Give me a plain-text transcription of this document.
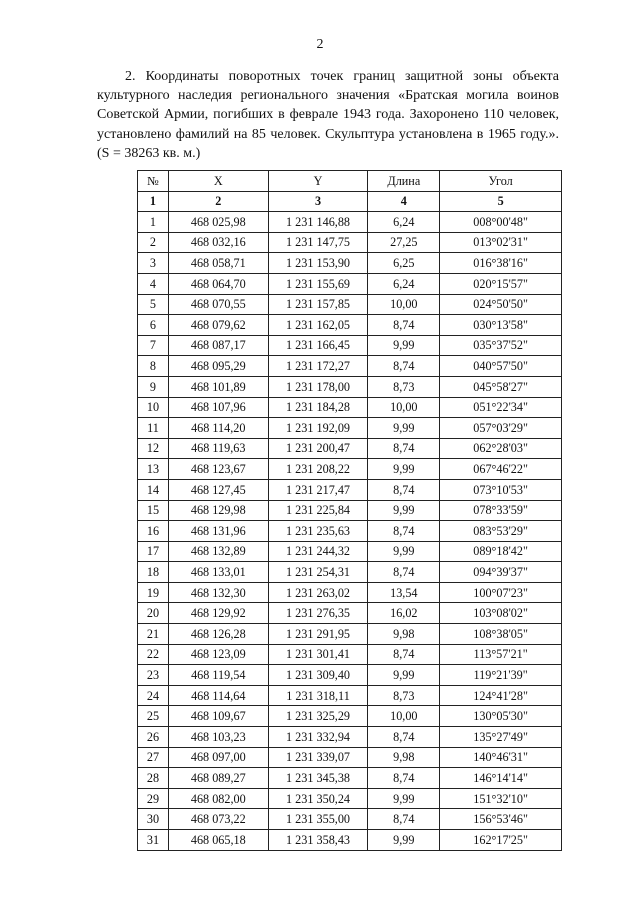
2

2. Координаты поворотных точек границ защитной зоны объекта культурного наследия регионального значения «Братская могила воинов Советской Армии, погибших в феврале 1943 года. Захоронено 110 человек, установлено фамилий на 85 человек. Скульптура установлена в 1965 году.». (S = 38263 кв. м.)

№	X	Y	Длина	Угол
1	2	3	4	5
1	468 025,98	1 231 146,88	6,24	008°00'48"
2	468 032,16	1 231 147,75	27,25	013°02'31"
3	468 058,71	1 231 153,90	6,25	016°38'16"
4	468 064,70	1 231 155,69	6,24	020°15'57"
5	468 070,55	1 231 157,85	10,00	024°50'50"
6	468 079,62	1 231 162,05	8,74	030°13'58"
7	468 087,17	1 231 166,45	9,99	035°37'52"
8	468 095,29	1 231 172,27	8,74	040°57'50"
9	468 101,89	1 231 178,00	8,73	045°58'27"
10	468 107,96	1 231 184,28	10,00	051°22'34"
11	468 114,20	1 231 192,09	9,99	057°03'29"
12	468 119,63	1 231 200,47	8,74	062°28'03"
13	468 123,67	1 231 208,22	9,99	067°46'22"
14	468 127,45	1 231 217,47	8,74	073°10'53"
15	468 129,98	1 231 225,84	9,99	078°33'59"
16	468 131,96	1 231 235,63	8,74	083°53'29"
17	468 132,89	1 231 244,32	9,99	089°18'42"
18	468 133,01	1 231 254,31	8,74	094°39'37"
19	468 132,30	1 231 263,02	13,54	100°07'23"
20	468 129,92	1 231 276,35	16,02	103°08'02"
21	468 126,28	1 231 291,95	9,98	108°38'05"
22	468 123,09	1 231 301,41	8,74	113°57'21"
23	468 119,54	1 231 309,40	9,99	119°21'39"
24	468 114,64	1 231 318,11	8,73	124°41'28"
25	468 109,67	1 231 325,29	10,00	130°05'30"
26	468 103,23	1 231 332,94	8,74	135°27'49"
27	468 097,00	1 231 339,07	9,98	140°46'31"
28	468 089,27	1 231 345,38	8,74	146°14'14"
29	468 082,00	1 231 350,24	9,99	151°32'10"
30	468 073,22	1 231 355,00	8,74	156°53'46"
31	468 065,18	1 231 358,43	9,99	162°17'25"
